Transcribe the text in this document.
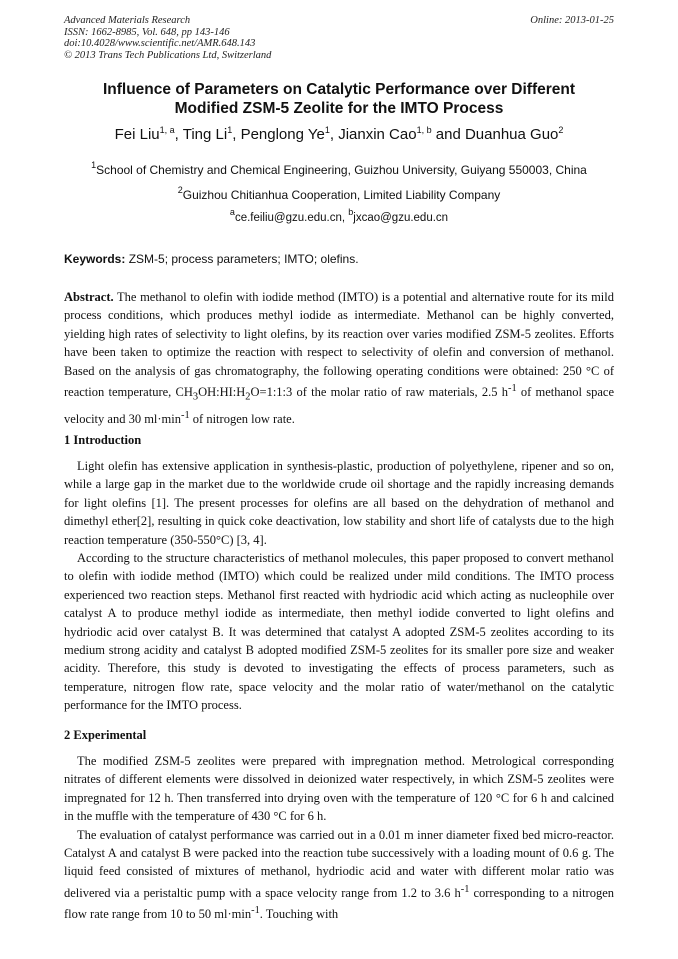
Advanced Materials Research
ISSN: 1662-8985, Vol. 648, pp 143-146
doi:10.4028/www.scientific.net/AMR.648.143
© 2013 Trans Tech Publications Ltd, Switzerland
Online: 2013-01-25
Influence of Parameters on Catalytic Performance over Different
Modified ZSM-5 Zeolite for the IMTO Process
Fei Liu$^{1, a}$, Ting Li$^1$, Penglong Ye$^1$, Jianxin Cao$^{1, b}$ and Duanhua Guo$^2$
$^1$School of Chemistry and Chemical Engineering, Guizhou University, Guiyang 550003, China
$^2$Guizhou Chitianhua Cooperation, Limited Liability Company
$^a$ce.feiliu@gzu.edu.cn, $^b$jxcao@gzu.edu.cn
Keywords: ZSM-5; process parameters; IMTO; olefins.

Abstract. The methanol to olefin with iodide method (IMTO) is a potential and alternative route for its mild process conditions, which produces methyl iodide as intermediate. Methanol can be highly converted, yielding high rates of selectivity to light olefins, by its reaction over varies modified ZSM-5 zeolites. Efforts have been taken to optimize the reaction with respect to selectivity of olefin and conversion of methanol. Based on the analysis of gas chromatography, the following operating conditions were obtained: 250 °C of reaction temperature, $CH_3OH:HI:H_2O=1:1:3$ of the molar ratio of raw materials, 2.5 $h^{-1}$ of methanol space velocity and 30 $ml\cdot\min^{-1}$ of nitrogen low rate.

1 Introduction

Light olefin has extensive application in synthesis-plastic, production of polyethylene, ripener and so on, while a large gap in the market due to the worldwide crude oil shortage and the rapidly increasing demands for light olefins [1]. The present processes for olefins are all based on the dehydration of methanol and dimethyl ether[2], resulting in quick coke deactivation, low stability and short life of catalysts due to the high reaction temperature (350-550°C) [3, 4].

According to the structure characteristics of methanol molecules, this paper proposed to convert methanol to olefin with iodide method (IMTO) which could be realized under mild conditions. The IMTO process experienced two reaction steps. Methanol first reacted with hydriodic acid which acting as nucleophile over catalyst A to produce methyl iodide as intermediate, then methyl iodide converted to light olefins and hydriodic acid over catalyst B. It was determined that catalyst A adopted ZSM-5 zeolites according to its medium strong acidity and catalyst B adopted modified ZSM-5 zeolites for its smaller pore size and weaker acidity. Therefore, this study is devoted to investigating the effects of process parameters, such as temperature, nitrogen flow rate, space velocity and the molar ratio of water/methanol on the catalytic performance for the IMTO process.

2 Experimental

The modified ZSM-5 zeolites were prepared with impregnation method. Metrological corresponding nitrates of different elements were dissolved in deionized water respectively, in which ZSM-5 zeolites were impregnated for 12 h. Then transferred into drying oven with the temperature of 120 °C for 6 h and calcined in the muffle with the temperature of 430 °C for 6 h.

The evaluation of catalyst performance was carried out in a 0.01 m inner diameter fixed bed micro-reactor. Catalyst A and catalyst B were packed into the reaction tube successively with a loading mount of 0.6 g. The liquid feed consisted of mixtures of methanol, hydriodic acid and water with different molar ratio was delivered via a peristaltic pump with a space velocity range from 1.2 to 3.6 $h^{-1}$ corresponding to a nitrogen flow rate range from 10 to 50 $ml\cdot\min^{-1}$. Touching with
